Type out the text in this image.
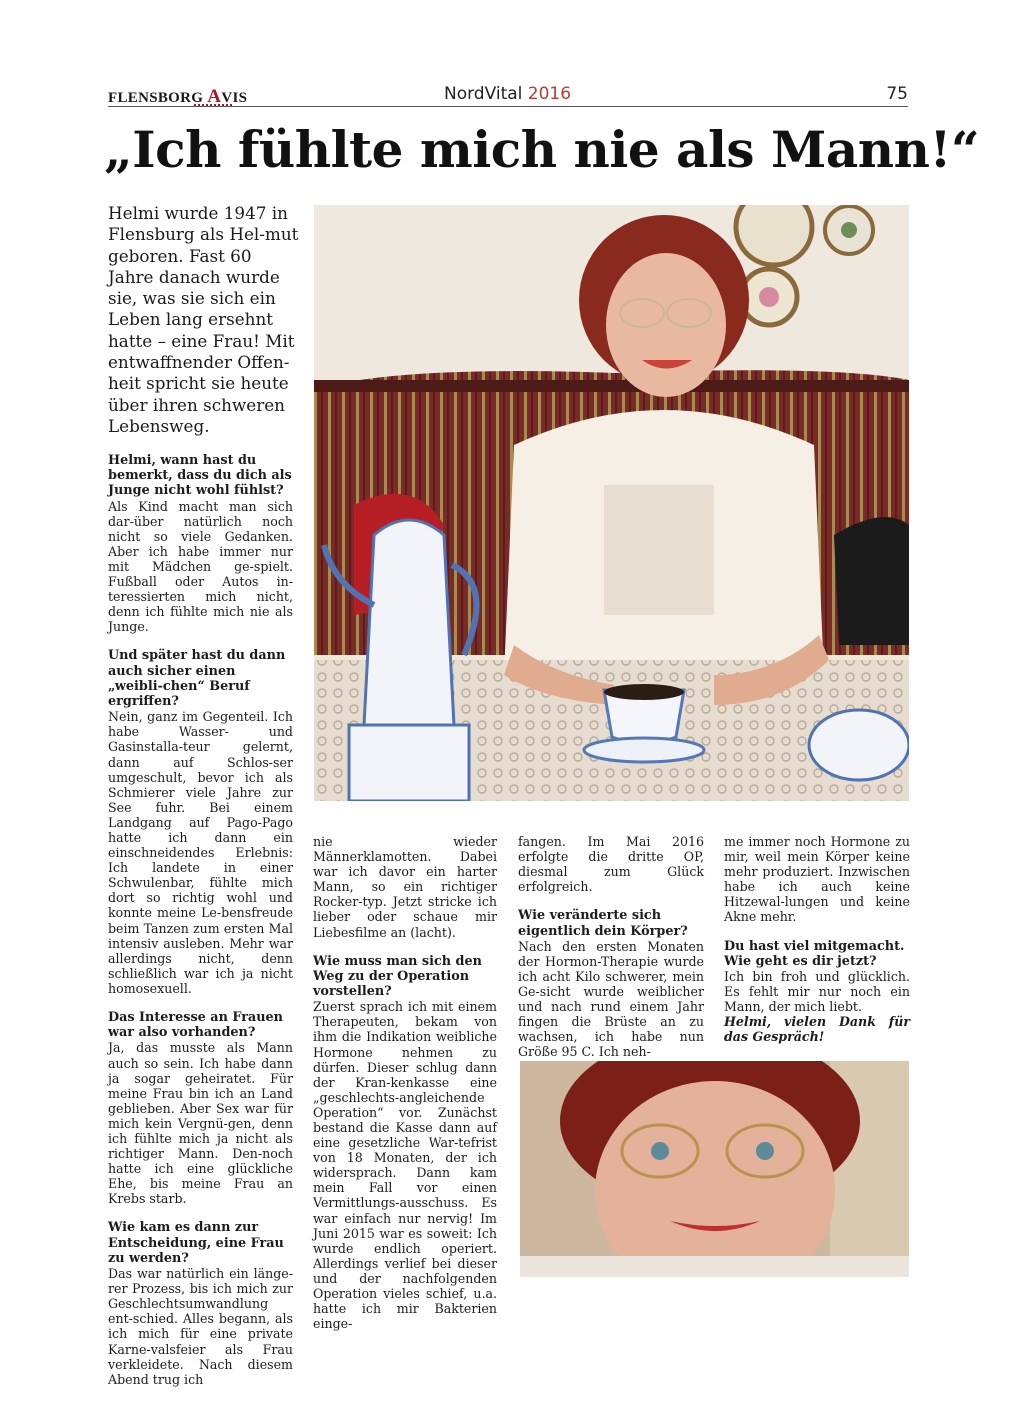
FLENSBORG AVIS	NordVital 2016	75
„Ich fühlte mich nie als Mann!“
Helmi wurde 1947 in Flensburg als Hel-mut geboren. Fast 60 Jahre danach wurde sie, was sie sich ein Leben lang ersehnt hatte – eine Frau! Mit entwaffnender Offen-heit spricht sie heute über ihren schweren Lebensweg.

Helmi, wann hast du bemerkt, dass du dich als Junge nicht wohl fühlst?
Als Kind macht man sich dar-über natürlich noch nicht so viele Gedanken. Aber ich habe immer nur mit Mädchen ge-spielt. Fußball oder Autos in-teressierten mich nicht, denn ich fühlte mich nie als Junge.

Und später hast du dann auch sicher einen „weibli-chen“ Beruf ergriffen?
Nein, ganz im Gegenteil. Ich habe Wasser- und Gasinstalla-teur gelernt, dann auf Schlos-ser umgeschult, bevor ich als Schmierer viele Jahre zur See fuhr. Bei einem Landgang auf Pago-Pago hatte ich dann ein einschneidendes Erlebnis: Ich landete in einer Schwulenbar, fühlte mich dort so richtig wohl und konnte meine Le-bensfreude beim Tanzen zum ersten Mal intensiv ausleben. Mehr war allerdings nicht, denn schließlich war ich ja nicht homosexuell.

Das Interesse an Frauen war also vorhanden?
Ja, das musste als Mann auch so sein. Ich habe dann ja sogar geheiratet. Für meine Frau bin ich an Land geblieben. Aber Sex war für mich kein Vergnü-gen, denn ich fühlte mich ja nicht als richtiger Mann. Den-noch hatte ich eine glückliche Ehe, bis meine Frau an Krebs starb.

Wie kam es dann zur Entscheidung, eine Frau zu werden?
Das war natürlich ein länge-rer Prozess, bis ich mich zur Geschlechtsumwandlung ent-schied. Alles begann, als ich mich für eine private Karne-valsfeier als Frau verkleidete. Nach diesem Abend trug ich

nie wieder Männerklamotten. Dabei war ich davor ein harter Mann, so ein richtiger Rocker-typ. Jetzt stricke ich lieber oder schaue mir Liebesfilme an (lacht).

Wie muss man sich den Weg zu der Operation vorstellen?
Zuerst sprach ich mit einem Therapeuten, bekam von ihm die Indikation weibliche Hormone nehmen zu dürfen. Dieser schlug dann der Kran-kenkasse eine „geschlechts-angleichende Operation“ vor. Zunächst bestand die Kasse dann auf eine gesetzliche War-tefrist von 18 Monaten, der ich widersprach. Dann kam mein Fall vor einen Vermittlungs-ausschuss. Es war einfach nur nervig! Im Juni 2015 war es soweit: Ich wurde endlich operiert. Allerdings verlief bei dieser und der nachfolgenden Operation vieles schief, u.a. hatte ich mir Bakterien einge-

fangen. Im Mai 2016 erfolgte die dritte OP, diesmal zum Glück erfolgreich.

Wie veränderte sich eigentlich dein Körper?
Nach den ersten Monaten der Hormon-Therapie wurde ich acht Kilo schwerer, mein Ge-sicht wurde weiblicher und nach rund einem Jahr fingen die Brüste an zu wachsen, ich habe nun Größe 95 C. Ich neh-

me immer noch Hormone zu mir, weil mein Körper keine mehr produziert. Inzwischen habe ich auch keine Hitzewal-lungen und keine Akne mehr.

Du hast viel mitgemacht. Wie geht es dir jetzt?
Ich bin froh und glücklich. Es fehlt mir nur noch ein Mann, der mich liebt.
Helmi, vielen Dank für das Gespräch!
